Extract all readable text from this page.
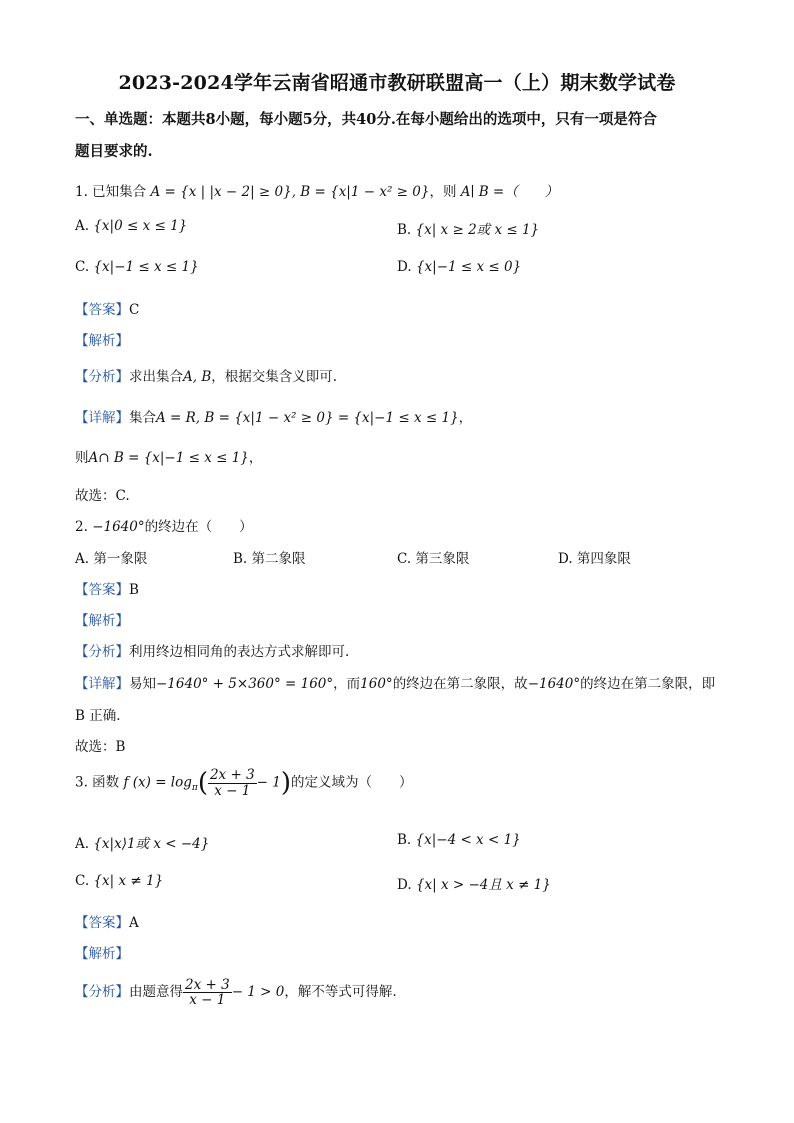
2023-2024学年云南省昭通市教研联盟高一（上）期末数学试卷
一、单选题：本题共8小题，每小题5分，共40分.在每小题给出的选项中，只有一项是符合
题目要求的.
1. 已知集合 A = {x | |x − 2| ≥ 0}, B = {x|1 − x² ≥ 0}，则 A∣ B =（　　）
A. {x|0 ≤ x ≤ 1}	B. {x| x ≥ 2或 x ≤ 1}
C. {x|−1 ≤ x ≤ 1}	D. {x|−1 ≤ x ≤ 0}
【答案】C
【解析】
【分析】求出集合A, B，根据交集含义即可.
【详解】集合A = R, B = {x|1 − x² ≥ 0} = {x|−1 ≤ x ≤ 1}，
则A∩ B = {x|−1 ≤ x ≤ 1}，
故选：C.
2. −1640°的终边在（　　）
A. 第一象限	B. 第二象限	C. 第三象限	D. 第四象限
【答案】B
【解析】
【分析】利用终边相同角的表达方式求解即可.
【详解】易知−1640° + 5×360° = 160°，而160°的终边在第二象限，故−1640°的终边在第二象限，即
B 正确.
故选：B
3. 函数 f $(x) = \log_\pi( \frac{2x + 3}{x - 1} - 1)$的定义域为（　　）
A. {x|x⟩1或 x < −4}	B. {x|−4 < x < 1}
C. {x| x ≠ 1}	D. {x| x > −4且 x ≠ 1}
【答案】A
【解析】
【分析】由题意得 $\frac{2x + 3}{x - 1} - 1 > 0$，解不等式可得解.
